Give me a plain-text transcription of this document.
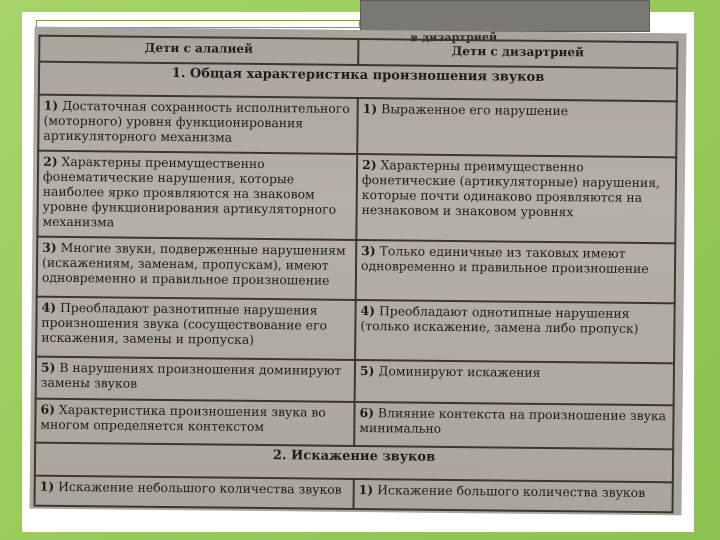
в дизартрией
Дети с алалией	Дети с дизартрией
1. Общая характеристика произношения звуков	
1) Достаточная сохранность исполнительного (моторного) уровня функционирования артикуляторного механизма	1) Выраженное его нарушение
2) Характерны преимущественно фонематические нарушения, которые наиболее ярко проявляются на знаковом уровне функционирования артикуляторного механизма	2) Характерны преимущественно фонетические (артикуляторные) нарушения, которые почти одинаково проявляются на незнаковом и знаковом уровнях
3) Многие звуки, подверженные нарушениям (искажениям, заменам, пропускам), имеют одновременно и правильное произношение	3) Только единичные из таковых имеют одновременно и правильное произношение
4) Преобладают разнотипные нарушения произношения звука (сосуществование его искажения, замены и пропуска)	4) Преобладают однотипные нарушения (только искажение, замена либо пропуск)
5) В нарушениях произношения доминируют замены звуков	5) Доминируют искажения
6) Характеристика произношения звука во многом определяется контекстом	6) Влияние контекста на произношение звука минимально
2. Искажение звуков	
1) Искажение небольшого количества звуков	1) Искажение большого количества звуков
